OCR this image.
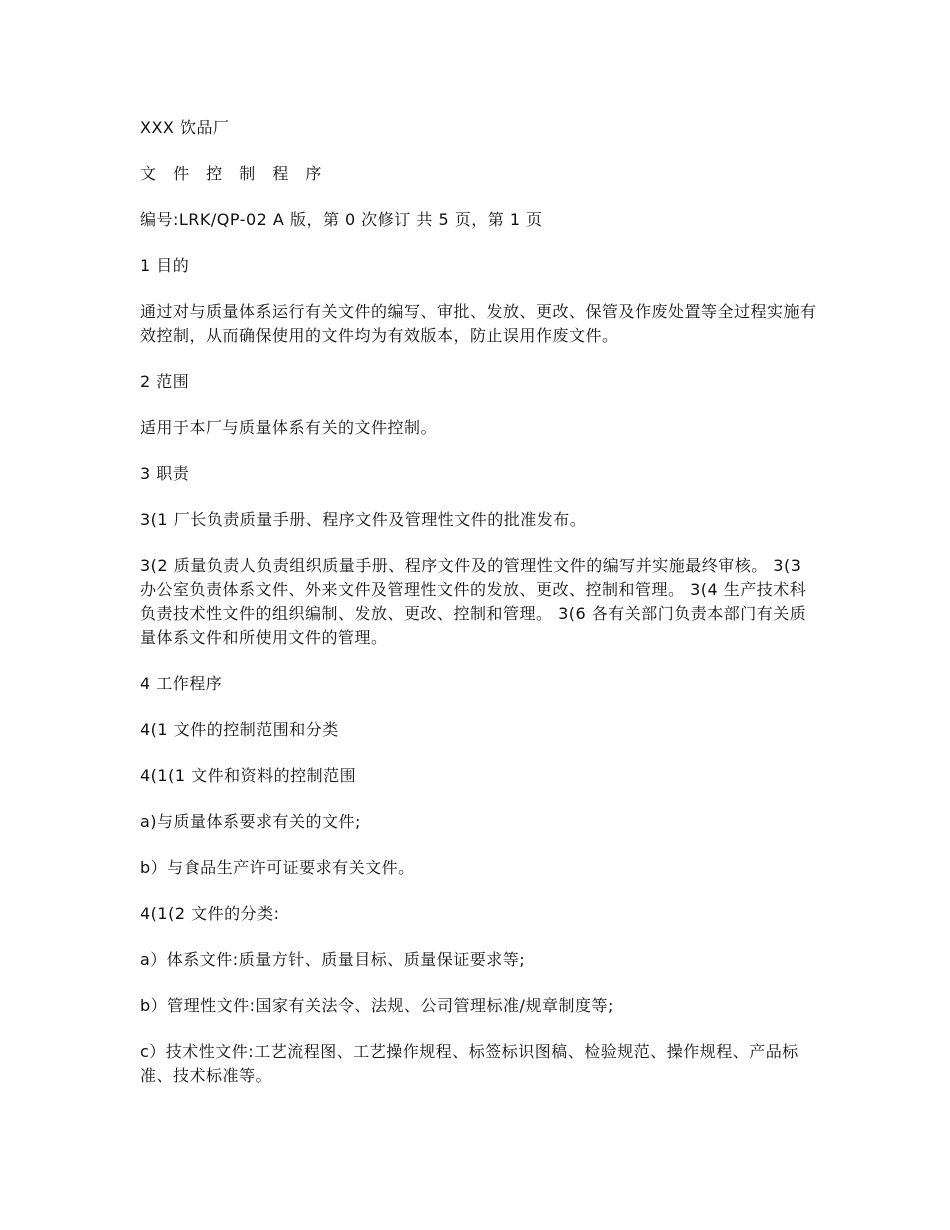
XXX 饮品厂

文 件 控 制 程 序

编号:LRK/QP-02 A 版，第 0 次修订 共 5 页，第 1 页

1 目的

通过对与质量体系运行有关文件的编写、审批、发放、更改、保管及作废处置等全过程实施有效控制，从而确保使用的文件均为有效版本，防止误用作废文件。

2 范围

适用于本厂与质量体系有关的文件控制。

3 职责

3(1 厂长负责质量手册、程序文件及管理性文件的批准发布。

3(2 质量负责人负责组织质量手册、程序文件及的管理性文件的编写并实施最终审核。 3(3 办公室负责体系文件、外来文件及管理性文件的发放、更改、控制和管理。 3(4 生产技术科负责技术性文件的组织编制、发放、更改、控制和管理。 3(6 各有关部门负责本部门有关质量体系文件和所使用文件的管理。

4 工作程序

4(1 文件的控制范围和分类

4(1(1 文件和资料的控制范围

a)与质量体系要求有关的文件;

b）与食品生产许可证要求有关文件。

4(1(2 文件的分类:

a）体系文件:质量方针、质量目标、质量保证要求等;

b）管理性文件:国家有关法令、法规、公司管理标准/规章制度等;

c）技术性文件:工艺流程图、工艺操作规程、标签标识图稿、检验规范、操作规程、产品标准、技术标准等。
